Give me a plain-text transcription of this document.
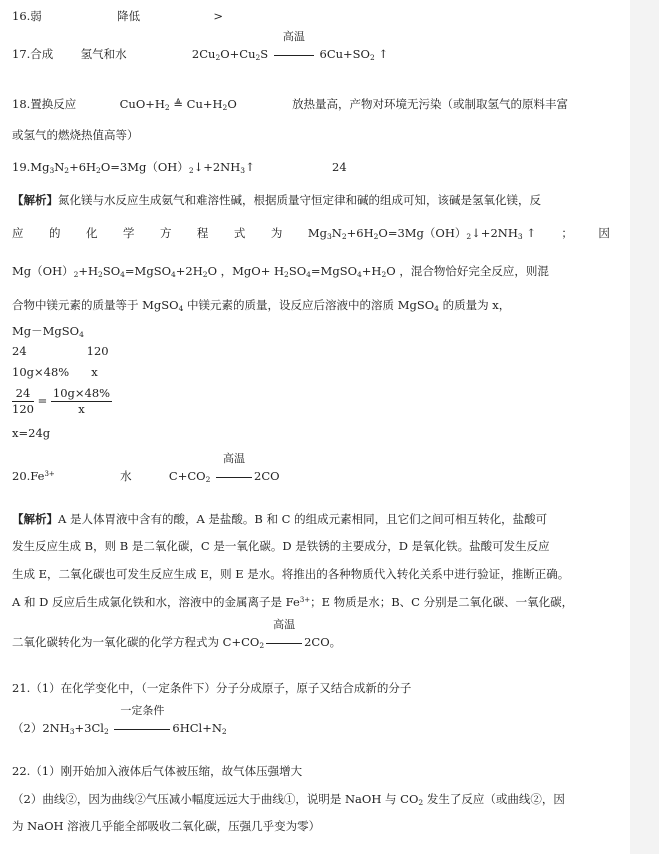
16.弱	降低	>
17.合成 氢气和水	$2Cu_2O+Cu_2S$
高温
$6Cu+SO_2$ ↑
18.置换反应	$CuO+H_2$ ≜ $Cu+H_2O$	放热量高，产物对环境无污染（或制取氢气的原料丰富
或氢气的燃烧热值高等）
$19.Mg_3N_2+6H_2O=3Mg(OH)_2↓+2NH_3↑$	24
【解析】氮化镁与水反应生成氨气和难溶性碱，根据质量守恒定律和碱的组成可知，该碱是氢氧化镁，反
应 的 化 学 方 程 式 为 $Mg_3N_2+6H_2O=3Mg(OH)_2↓+2NH_3$ ↑ ； 因
$Mg(OH)_2+H_2SO_4=MgSO_4+2H_2O$ ，$MgO+ H_2SO_4=MgSO_4+H_2O$ ，混合物恰好完全反应，则混
合物中镁元素的质量等于 MgSO$_4$ 中镁元素的质量，设反应后溶液中的溶质 MgSO$_4$ 的质量为 x，
Mg－MgSO$_4$
24	120
10g×48% x
$\frac{24}{120} = \frac{10g\times 48\%}{x}$
x=24g
$20.Fe^{3+}$	水	$C+CO_2$
高温
2CO
【解析】A 是人体胃液中含有的酸，A 是盐酸。B 和 C 的组成元素相同，且它们之间可相互转化，盐酸可
发生反应生成 B，则 B 是二氧化碳，C 是一氧化碳。D 是铁锈的主要成分，D 是氧化铁。盐酸可发生反应
生成 E，二氧化碳也可发生反应生成 E，则 E 是水。将推出的各种物质代入转化关系中进行验证，推断正确。
A 和 D 反应后生成氯化铁和水，溶液中的金属离子是 $Fe^{3+}$；E 物质是水；B、C 分别是二氧化碳、一氧化碳，
二氧化碳转化为一氧化碳的化学方程式为 $C+CO_2$
高温
2CO。
21.（1）在化学变化中，（一定条件下）分子分成原子，原子又结合成新的分子
$(2)2NH_3+3Cl_2$
一定条件
$6HCl+N_2$
22.（1）刚开始加入液体后气体被压缩，故气体压强增大
（2）曲线②，因为曲线②气压减小幅度远远大于曲线①，说明是 NaOH 与 $CO_2$ 发生了反应（或曲线②，因
为 NaOH 溶液几乎能全部吸收二氧化碳，压强几乎变为零）
